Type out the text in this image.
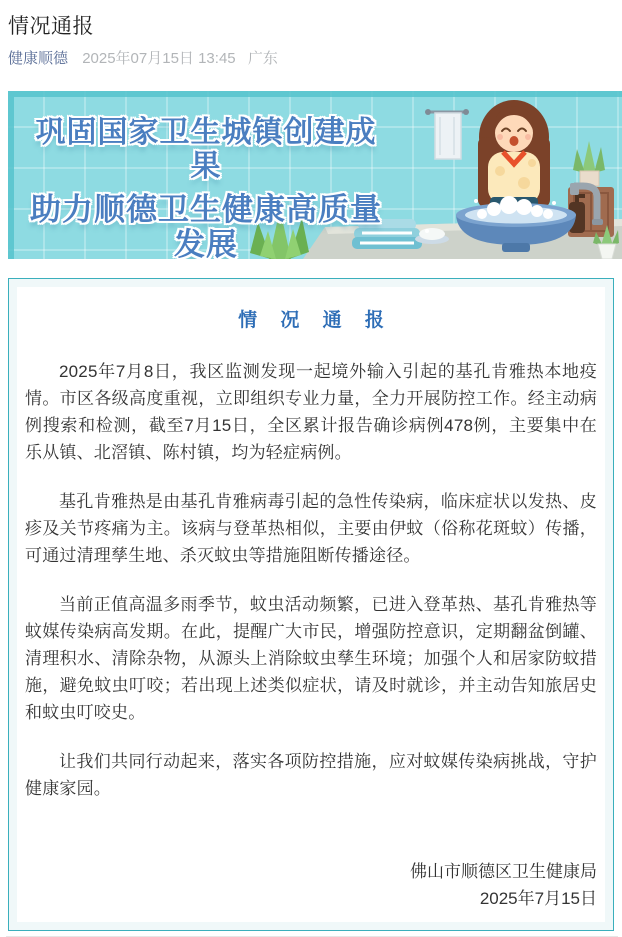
情况通报
健康顺德 2025年07月15日 13:45 广东
巩固国家卫生城镇创建成果
助力顺德卫生健康高质量发展
情 况 通 报

2025年7月8日，我区监测发现一起境外输入引起的基孔肯雅热本地疫情。市区各级高度重视，立即组织专业力量，全力开展防控工作。经主动病例搜索和检测，截至7月15日，全区累计报告确诊病例478例，主要集中在乐从镇、北滘镇、陈村镇，均为轻症病例。

基孔肯雅热是由基孔肯雅病毒引起的急性传染病，临床症状以发热、皮疹及关节疼痛为主。该病与登革热相似，主要由伊蚊（俗称花斑蚊）传播，可通过清理孳生地、杀灭蚊虫等措施阻断传播途径。

当前正值高温多雨季节，蚊虫活动频繁，已进入登革热、基孔肯雅热等蚊媒传染病高发期。在此，提醒广大市民，增强防控意识，定期翻盆倒罐、清理积水、清除杂物，从源头上消除蚊虫孳生环境；加强个人和居家防蚊措施，避免蚊虫叮咬；若出现上述类似症状，请及时就诊，并主动告知旅居史和蚊虫叮咬史。

让我们共同行动起来，落实各项防控措施，应对蚊媒传染病挑战，守护健康家园。

佛山市顺德区卫生健康局
2025年7月15日
